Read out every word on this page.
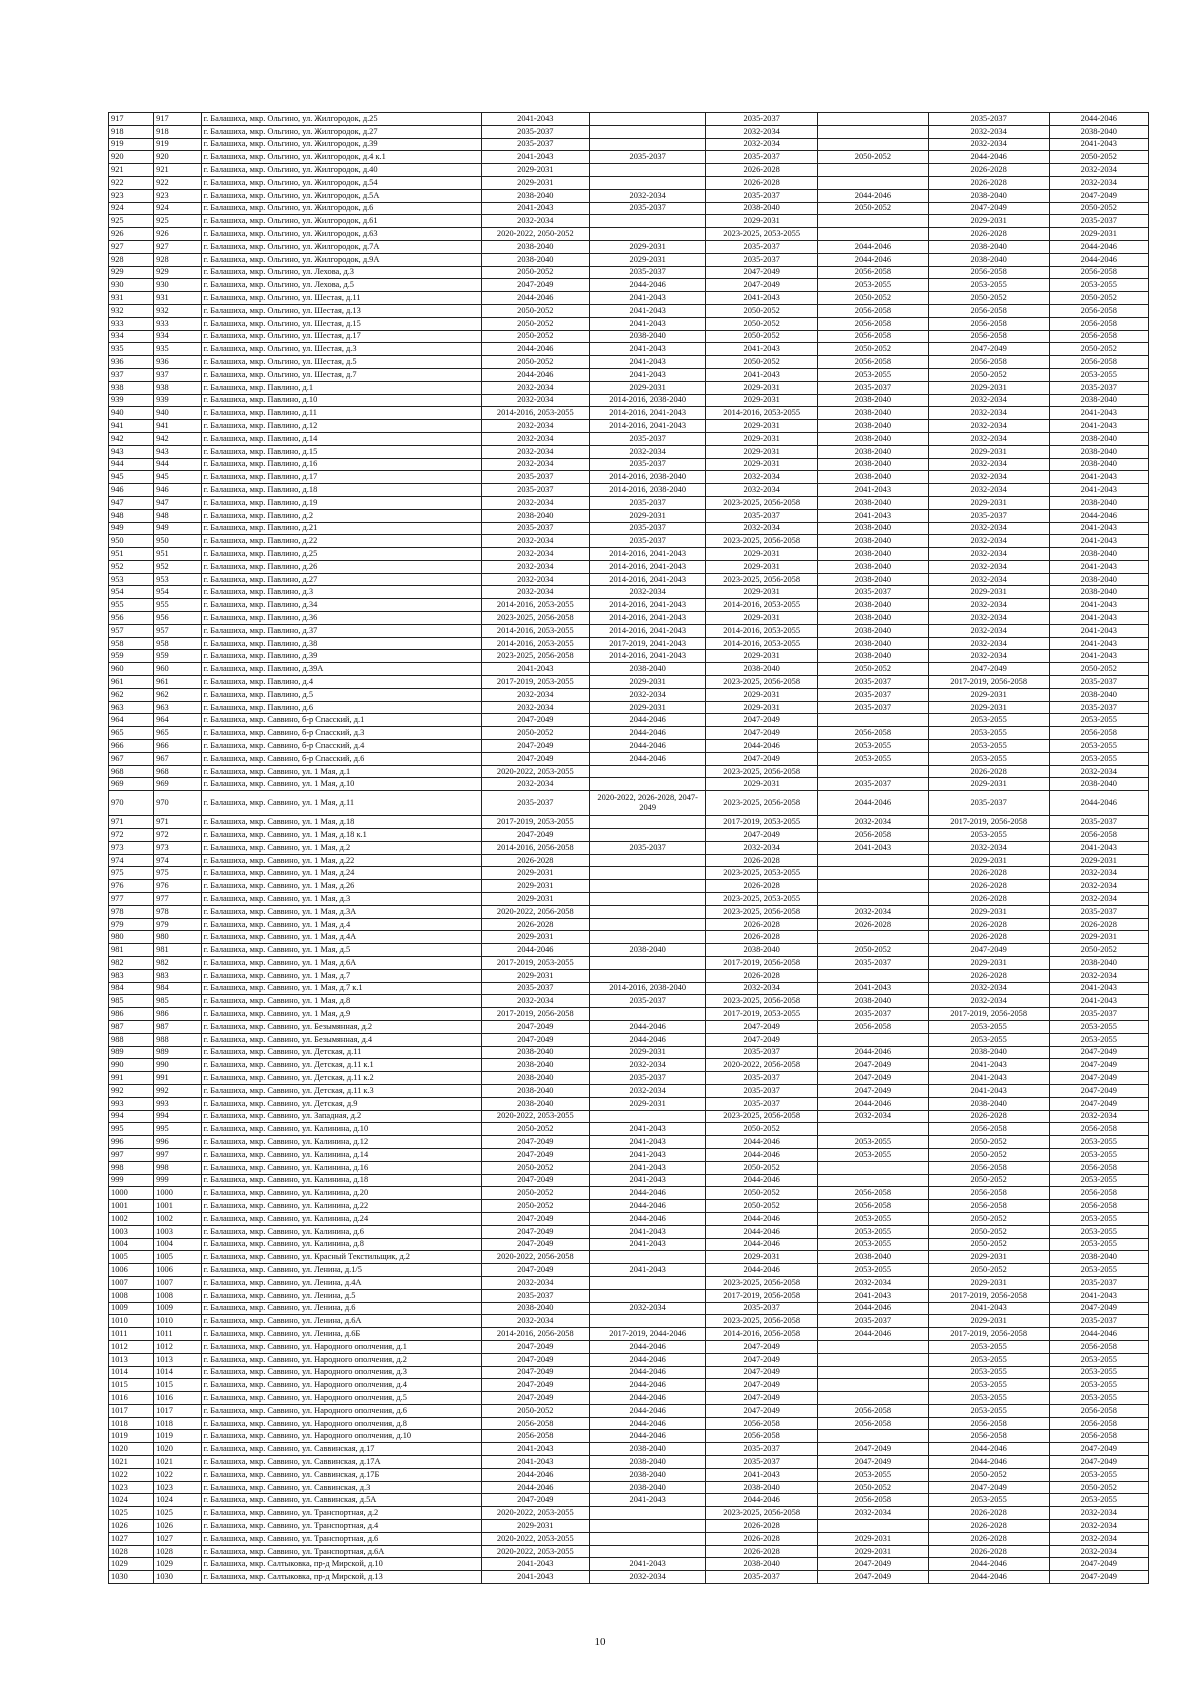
917	917	г. Балашиха, мкр. Ольгино, ул. Жилгородок, д.25	2041-2043		2035-2037		2035-2037	2044-2046
918	918	г. Балашиха, мкр. Ольгино, ул. Жилгородок, д.27	2035-2037		2032-2034		2032-2034	2038-2040
919	919	г. Балашиха, мкр. Ольгино, ул. Жилгородок, д.39	2035-2037		2032-2034		2032-2034	2041-2043
920	920	г. Балашиха, мкр. Ольгино, ул. Жилгородок, д.4 к.1	2041-2043	2035-2037	2035-2037	2050-2052	2044-2046	2050-2052
921	921	г. Балашиха, мкр. Ольгино, ул. Жилгородок, д.40	2029-2031		2026-2028		2026-2028	2032-2034
922	922	г. Балашиха, мкр. Ольгино, ул. Жилгородок, д.54	2029-2031		2026-2028		2026-2028	2032-2034
923	923	г. Балашиха, мкр. Ольгино, ул. Жилгородок, д.5А	2038-2040	2032-2034	2035-2037	2044-2046	2038-2040	2047-2049
924	924	г. Балашиха, мкр. Ольгино, ул. Жилгородок, д.6	2041-2043	2035-2037	2038-2040	2050-2052	2047-2049	2050-2052
925	925	г. Балашиха, мкр. Ольгино, ул. Жилгородок, д.61	2032-2034		2029-2031		2029-2031	2035-2037
926	926	г. Балашиха, мкр. Ольгино, ул. Жилгородок, д.63	2020-2022, 2050-2052		2023-2025, 2053-2055		2026-2028	2029-2031
927	927	г. Балашиха, мкр. Ольгино, ул. Жилгородок, д.7А	2038-2040	2029-2031	2035-2037	2044-2046	2038-2040	2044-2046
928	928	г. Балашиха, мкр. Ольгино, ул. Жилгородок, д.9А	2038-2040	2029-2031	2035-2037	2044-2046	2038-2040	2044-2046
929	929	г. Балашиха, мкр. Ольгино, ул. Лехова, д.3	2050-2052	2035-2037	2047-2049	2056-2058	2056-2058	2056-2058
930	930	г. Балашиха, мкр. Ольгино, ул. Лехова, д.5	2047-2049	2044-2046	2047-2049	2053-2055	2053-2055	2053-2055
931	931	г. Балашиха, мкр. Ольгино, ул. Шестая, д.11	2044-2046	2041-2043	2041-2043	2050-2052	2050-2052	2050-2052
932	932	г. Балашиха, мкр. Ольгино, ул. Шестая, д.13	2050-2052	2041-2043	2050-2052	2056-2058	2056-2058	2056-2058
933	933	г. Балашиха, мкр. Ольгино, ул. Шестая, д.15	2050-2052	2041-2043	2050-2052	2056-2058	2056-2058	2056-2058
934	934	г. Балашиха, мкр. Ольгино, ул. Шестая, д.17	2050-2052	2038-2040	2050-2052	2056-2058	2056-2058	2056-2058
935	935	г. Балашиха, мкр. Ольгино, ул. Шестая, д.3	2044-2046	2041-2043	2041-2043	2050-2052	2047-2049	2050-2052
936	936	г. Балашиха, мкр. Ольгино, ул. Шестая, д.5	2050-2052	2041-2043	2050-2052	2056-2058	2056-2058	2056-2058
937	937	г. Балашиха, мкр. Ольгино, ул. Шестая, д.7	2044-2046	2041-2043	2041-2043	2053-2055	2050-2052	2053-2055
938	938	г. Балашиха, мкр. Павлино, д.1	2032-2034	2029-2031	2029-2031	2035-2037	2029-2031	2035-2037
939	939	г. Балашиха, мкр. Павлино, д.10	2032-2034	2014-2016, 2038-2040	2029-2031	2038-2040	2032-2034	2038-2040
940	940	г. Балашиха, мкр. Павлино, д.11	2014-2016, 2053-2055	2014-2016, 2041-2043	2014-2016, 2053-2055	2038-2040	2032-2034	2041-2043
941	941	г. Балашиха, мкр. Павлино, д.12	2032-2034	2014-2016, 2041-2043	2029-2031	2038-2040	2032-2034	2041-2043
942	942	г. Балашиха, мкр. Павлино, д.14	2032-2034	2035-2037	2029-2031	2038-2040	2032-2034	2038-2040
943	943	г. Балашиха, мкр. Павлино, д.15	2032-2034	2032-2034	2029-2031	2038-2040	2029-2031	2038-2040
944	944	г. Балашиха, мкр. Павлино, д.16	2032-2034	2035-2037	2029-2031	2038-2040	2032-2034	2038-2040
945	945	г. Балашиха, мкр. Павлино, д.17	2035-2037	2014-2016, 2038-2040	2032-2034	2038-2040	2032-2034	2041-2043
946	946	г. Балашиха, мкр. Павлино, д.18	2035-2037	2014-2016, 2038-2040	2032-2034	2041-2043	2032-2034	2041-2043
947	947	г. Балашиха, мкр. Павлино, д.19	2032-2034	2035-2037	2023-2025, 2056-2058	2038-2040	2029-2031	2038-2040
948	948	г. Балашиха, мкр. Павлино, д.2	2038-2040	2029-2031	2035-2037	2041-2043	2035-2037	2044-2046
949	949	г. Балашиха, мкр. Павлино, д.21	2035-2037	2035-2037	2032-2034	2038-2040	2032-2034	2041-2043
950	950	г. Балашиха, мкр. Павлино, д.22	2032-2034	2035-2037	2023-2025, 2056-2058	2038-2040	2032-2034	2041-2043
951	951	г. Балашиха, мкр. Павлино, д.25	2032-2034	2014-2016, 2041-2043	2029-2031	2038-2040	2032-2034	2038-2040
952	952	г. Балашиха, мкр. Павлино, д.26	2032-2034	2014-2016, 2041-2043	2029-2031	2038-2040	2032-2034	2041-2043
953	953	г. Балашиха, мкр. Павлино, д.27	2032-2034	2014-2016, 2041-2043	2023-2025, 2056-2058	2038-2040	2032-2034	2038-2040
954	954	г. Балашиха, мкр. Павлино, д.3	2032-2034	2032-2034	2029-2031	2035-2037	2029-2031	2038-2040
955	955	г. Балашиха, мкр. Павлино, д.34	2014-2016, 2053-2055	2014-2016, 2041-2043	2014-2016, 2053-2055	2038-2040	2032-2034	2041-2043
956	956	г. Балашиха, мкр. Павлино, д.36	2023-2025, 2056-2058	2014-2016, 2041-2043	2029-2031	2038-2040	2032-2034	2041-2043
957	957	г. Балашиха, мкр. Павлино, д.37	2014-2016, 2053-2055	2014-2016, 2041-2043	2014-2016, 2053-2055	2038-2040	2032-2034	2041-2043
958	958	г. Балашиха, мкр. Павлино, д.38	2014-2016, 2053-2055	2017-2019, 2041-2043	2014-2016, 2053-2055	2038-2040	2032-2034	2041-2043
959	959	г. Балашиха, мкр. Павлино, д.39	2023-2025, 2056-2058	2014-2016, 2041-2043	2029-2031	2038-2040	2032-2034	2041-2043
960	960	г. Балашиха, мкр. Павлино, д.39А	2041-2043	2038-2040	2038-2040	2050-2052	2047-2049	2050-2052
961	961	г. Балашиха, мкр. Павлино, д.4	2017-2019, 2053-2055	2029-2031	2023-2025, 2056-2058	2035-2037	2017-2019, 2056-2058	2035-2037
962	962	г. Балашиха, мкр. Павлино, д.5	2032-2034	2032-2034	2029-2031	2035-2037	2029-2031	2038-2040
963	963	г. Балашиха, мкр. Павлино, д.6	2032-2034	2029-2031	2029-2031	2035-2037	2029-2031	2035-2037
964	964	г. Балашиха, мкр. Саввино, б-р Спасский, д.1	2047-2049	2044-2046	2047-2049		2053-2055	2053-2055
965	965	г. Балашиха, мкр. Саввино, б-р Спасский, д.3	2050-2052	2044-2046	2047-2049	2056-2058	2053-2055	2056-2058
966	966	г. Балашиха, мкр. Саввино, б-р Спасский, д.4	2047-2049	2044-2046	2044-2046	2053-2055	2053-2055	2053-2055
967	967	г. Балашиха, мкр. Саввино, б-р Спасский, д.6	2047-2049	2044-2046	2047-2049	2053-2055	2053-2055	2053-2055
968	968	г. Балашиха, мкр. Саввино, ул. 1 Мая, д.1	2020-2022, 2053-2055		2023-2025, 2056-2058		2026-2028	2032-2034
969	969	г. Балашиха, мкр. Саввино, ул. 1 Мая, д.10	2032-2034		2029-2031	2035-2037	2029-2031	2038-2040
970	970	г. Балашиха, мкр. Саввино, ул. 1 Мая, д.11	2035-2037	2020-2022, 2026-2028, 2047-2049	2023-2025, 2056-2058	2044-2046	2035-2037	2044-2046
971	971	г. Балашиха, мкр. Саввино, ул. 1 Мая, д.18	2017-2019, 2053-2055		2017-2019, 2053-2055	2032-2034	2017-2019, 2056-2058	2035-2037
972	972	г. Балашиха, мкр. Саввино, ул. 1 Мая, д.18 к.1	2047-2049		2047-2049	2056-2058	2053-2055	2056-2058
973	973	г. Балашиха, мкр. Саввино, ул. 1 Мая, д.2	2014-2016, 2056-2058	2035-2037	2032-2034	2041-2043	2032-2034	2041-2043
974	974	г. Балашиха, мкр. Саввино, ул. 1 Мая, д.22	2026-2028		2026-2028		2029-2031	2029-2031
975	975	г. Балашиха, мкр. Саввино, ул. 1 Мая, д.24	2029-2031		2023-2025, 2053-2055		2026-2028	2032-2034
976	976	г. Балашиха, мкр. Саввино, ул. 1 Мая, д.26	2029-2031		2026-2028		2026-2028	2032-2034
977	977	г. Балашиха, мкр. Саввино, ул. 1 Мая, д.3	2029-2031		2023-2025, 2053-2055		2026-2028	2032-2034
978	978	г. Балашиха, мкр. Саввино, ул. 1 Мая, д.3А	2020-2022, 2056-2058		2023-2025, 2056-2058	2032-2034	2029-2031	2035-2037
979	979	г. Балашиха, мкр. Саввино, ул. 1 Мая, д.4	2026-2028		2026-2028	2026-2028	2026-2028	2026-2028
980	980	г. Балашиха, мкр. Саввино, ул. 1 Мая, д.4А	2029-2031		2026-2028		2026-2028	2029-2031
981	981	г. Балашиха, мкр. Саввино, ул. 1 Мая, д.5	2044-2046	2038-2040	2038-2040	2050-2052	2047-2049	2050-2052
982	982	г. Балашиха, мкр. Саввино, ул. 1 Мая, д.6А	2017-2019, 2053-2055		2017-2019, 2056-2058	2035-2037	2029-2031	2038-2040
983	983	г. Балашиха, мкр. Саввино, ул. 1 Мая, д.7	2029-2031		2026-2028		2026-2028	2032-2034
984	984	г. Балашиха, мкр. Саввино, ул. 1 Мая, д.7 к.1	2035-2037	2014-2016, 2038-2040	2032-2034	2041-2043	2032-2034	2041-2043
985	985	г. Балашиха, мкр. Саввино, ул. 1 Мая, д.8	2032-2034	2035-2037	2023-2025, 2056-2058	2038-2040	2032-2034	2041-2043
986	986	г. Балашиха, мкр. Саввино, ул. 1 Мая, д.9	2017-2019, 2056-2058		2017-2019, 2053-2055	2035-2037	2017-2019, 2056-2058	2035-2037
987	987	г. Балашиха, мкр. Саввино, ул. Безымянная, д.2	2047-2049	2044-2046	2047-2049	2056-2058	2053-2055	2053-2055
988	988	г. Балашиха, мкр. Саввино, ул. Безымянная, д.4	2047-2049	2044-2046	2047-2049		2053-2055	2053-2055
989	989	г. Балашиха, мкр. Саввино, ул. Детская, д.11	2038-2040	2029-2031	2035-2037	2044-2046	2038-2040	2047-2049
990	990	г. Балашиха, мкр. Саввино, ул. Детская, д.11 к.1	2038-2040	2032-2034	2020-2022, 2056-2058	2047-2049	2041-2043	2047-2049
991	991	г. Балашиха, мкр. Саввино, ул. Детская, д.11 к.2	2038-2040	2035-2037	2035-2037	2047-2049	2041-2043	2047-2049
992	992	г. Балашиха, мкр. Саввино, ул. Детская, д.11 к.3	2038-2040	2032-2034	2035-2037	2047-2049	2041-2043	2047-2049
993	993	г. Балашиха, мкр. Саввино, ул. Детская, д.9	2038-2040	2029-2031	2035-2037	2044-2046	2038-2040	2047-2049
994	994	г. Балашиха, мкр. Саввино, ул. Западная, д.2	2020-2022, 2053-2055		2023-2025, 2056-2058	2032-2034	2026-2028	2032-2034
995	995	г. Балашиха, мкр. Саввино, ул. Калинина, д.10	2050-2052	2041-2043	2050-2052		2056-2058	2056-2058
996	996	г. Балашиха, мкр. Саввино, ул. Калинина, д.12	2047-2049	2041-2043	2044-2046	2053-2055	2050-2052	2053-2055
997	997	г. Балашиха, мкр. Саввино, ул. Калинина, д.14	2047-2049	2041-2043	2044-2046	2053-2055	2050-2052	2053-2055
998	998	г. Балашиха, мкр. Саввино, ул. Калинина, д.16	2050-2052	2041-2043	2050-2052		2056-2058	2056-2058
999	999	г. Балашиха, мкр. Саввино, ул. Калинина, д.18	2047-2049	2041-2043	2044-2046		2050-2052	2053-2055
1000	1000	г. Балашиха, мкр. Саввино, ул. Калинина, д.20	2050-2052	2044-2046	2050-2052	2056-2058	2056-2058	2056-2058
1001	1001	г. Балашиха, мкр. Саввино, ул. Калинина, д.22	2050-2052	2044-2046	2050-2052	2056-2058	2056-2058	2056-2058
1002	1002	г. Балашиха, мкр. Саввино, ул. Калинина, д.24	2047-2049	2044-2046	2044-2046	2053-2055	2050-2052	2053-2055
1003	1003	г. Балашиха, мкр. Саввино, ул. Калинина, д.6	2047-2049	2041-2043	2044-2046	2053-2055	2050-2052	2053-2055
1004	1004	г. Балашиха, мкр. Саввино, ул. Калинина, д.8	2047-2049	2041-2043	2044-2046	2053-2055	2050-2052	2053-2055
1005	1005	г. Балашиха, мкр. Саввино, ул. Красный Текстильщик, д.2	2020-2022, 2056-2058		2029-2031	2038-2040	2029-2031	2038-2040
1006	1006	г. Балашиха, мкр. Саввино, ул. Ленина, д.1/5	2047-2049	2041-2043	2044-2046	2053-2055	2050-2052	2053-2055
1007	1007	г. Балашиха, мкр. Саввино, ул. Ленина, д.4А	2032-2034		2023-2025, 2056-2058	2032-2034	2029-2031	2035-2037
1008	1008	г. Балашиха, мкр. Саввино, ул. Ленина, д.5	2035-2037		2017-2019, 2056-2058	2041-2043	2017-2019, 2056-2058	2041-2043
1009	1009	г. Балашиха, мкр. Саввино, ул. Ленина, д.6	2038-2040	2032-2034	2035-2037	2044-2046	2041-2043	2047-2049
1010	1010	г. Балашиха, мкр. Саввино, ул. Ленина, д.6А	2032-2034		2023-2025, 2056-2058	2035-2037	2029-2031	2035-2037
1011	1011	г. Балашиха, мкр. Саввино, ул. Ленина, д.6Б	2014-2016, 2056-2058	2017-2019, 2044-2046	2014-2016, 2056-2058	2044-2046	2017-2019, 2056-2058	2044-2046
1012	1012	г. Балашиха, мкр. Саввино, ул. Народного ополчения, д.1	2047-2049	2044-2046	2047-2049		2053-2055	2056-2058
1013	1013	г. Балашиха, мкр. Саввино, ул. Народного ополчения, д.2	2047-2049	2044-2046	2047-2049		2053-2055	2053-2055
1014	1014	г. Балашиха, мкр. Саввино, ул. Народного ополчения, д.3	2047-2049	2044-2046	2047-2049		2053-2055	2053-2055
1015	1015	г. Балашиха, мкр. Саввино, ул. Народного ополчения, д.4	2047-2049	2044-2046	2047-2049		2053-2055	2053-2055
1016	1016	г. Балашиха, мкр. Саввино, ул. Народного ополчения, д.5	2047-2049	2044-2046	2047-2049		2053-2055	2053-2055
1017	1017	г. Балашиха, мкр. Саввино, ул. Народного ополчения, д.6	2050-2052	2044-2046	2047-2049	2056-2058	2053-2055	2056-2058
1018	1018	г. Балашиха, мкр. Саввино, ул. Народного ополчения, д.8	2056-2058	2044-2046	2056-2058	2056-2058	2056-2058	2056-2058
1019	1019	г. Балашиха, мкр. Саввино, ул. Народного ополчения, д.10	2056-2058	2044-2046	2056-2058		2056-2058	2056-2058
1020	1020	г. Балашиха, мкр. Саввино, ул. Саввинская, д.17	2041-2043	2038-2040	2035-2037	2047-2049	2044-2046	2047-2049
1021	1021	г. Балашиха, мкр. Саввино, ул. Саввинская, д.17А	2041-2043	2038-2040	2035-2037	2047-2049	2044-2046	2047-2049
1022	1022	г. Балашиха, мкр. Саввино, ул. Саввинская, д.17Б	2044-2046	2038-2040	2041-2043	2053-2055	2050-2052	2053-2055
1023	1023	г. Балашиха, мкр. Саввино, ул. Саввинская, д.3	2044-2046	2038-2040	2038-2040	2050-2052	2047-2049	2050-2052
1024	1024	г. Балашиха, мкр. Саввино, ул. Саввинская, д.5А	2047-2049	2041-2043	2044-2046	2056-2058	2053-2055	2053-2055
1025	1025	г. Балашиха, мкр. Саввино, ул. Транспортная, д.2	2020-2022, 2053-2055		2023-2025, 2056-2058	2032-2034	2026-2028	2032-2034
1026	1026	г. Балашиха, мкр. Саввино, ул. Транспортная, д.4	2029-2031		2026-2028		2026-2028	2032-2034
1027	1027	г. Балашиха, мкр. Саввино, ул. Транспортная, д.6	2020-2022, 2053-2055		2026-2028	2029-2031	2026-2028	2032-2034
1028	1028	г. Балашиха, мкр. Саввино, ул. Транспортная, д.6А	2020-2022, 2053-2055		2026-2028	2029-2031	2026-2028	2032-2034
1029	1029	г. Балашиха, мкр. Салтыковка, пр-д Мирской, д.10	2041-2043	2041-2043	2038-2040	2047-2049	2044-2046	2047-2049
1030	1030	г. Балашиха, мкр. Салтыковка, пр-д Мирской, д.13	2041-2043	2032-2034	2035-2037	2047-2049	2044-2046	2047-2049
10
